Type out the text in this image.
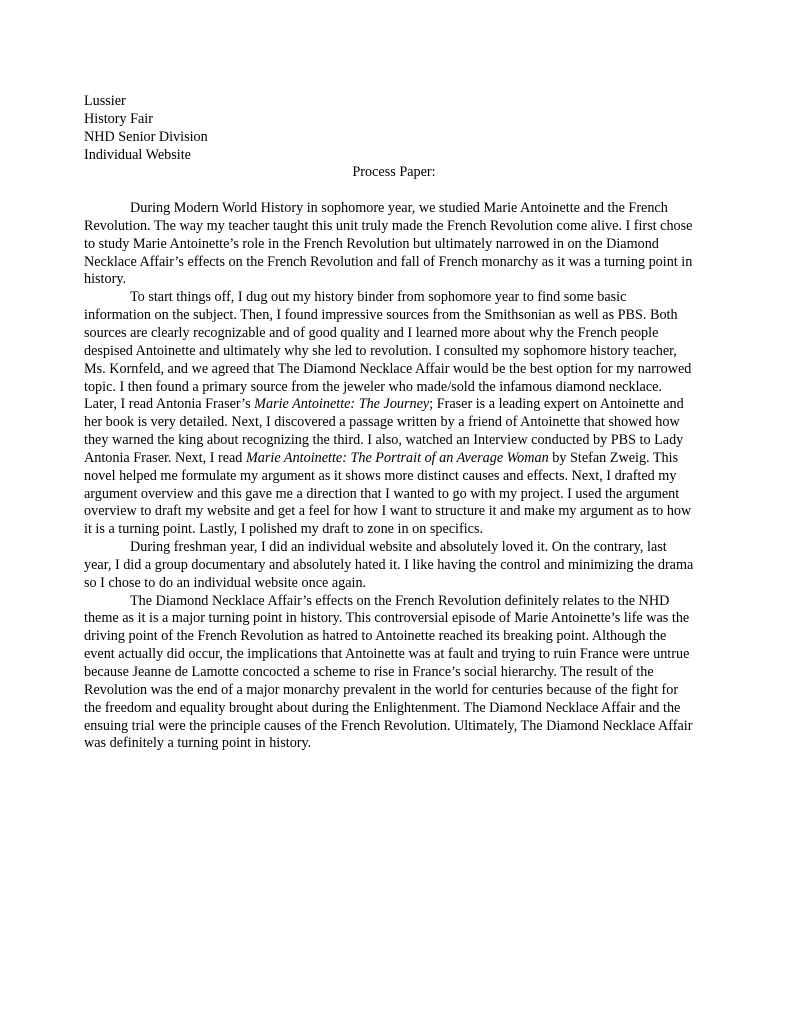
Lussier
History Fair
NHD Senior Division
Individual Website
Process Paper:

During Modern World History in sophomore year, we studied Marie Antoinette and the French Revolution. The way my teacher taught this unit truly made the French Revolution come alive. I first chose to study Marie Antoinette’s role in the French Revolution but ultimately narrowed in on the Diamond Necklace Affair’s effects on the French Revolution and fall of French monarchy as it was a turning point in history.

To start things off, I dug out my history binder from sophomore year to find some basic information on the subject. Then, I found impressive sources from the Smithsonian as well as PBS. Both sources are clearly recognizable and of good quality and I learned more about why the French people despised Antoinette and ultimately why she led to revolution. I consulted my sophomore history teacher, Ms. Kornfeld, and we agreed that The Diamond Necklace Affair would be the best option for my narrowed topic. I then found a primary source from the jeweler who made/sold the infamous diamond necklace. Later, I read Antonia Fraser’s Marie Antoinette: The Journey; Fraser is a leading expert on Antoinette and her book is very detailed. Next, I discovered a passage written by a friend of Antoinette that showed how they warned the king about recognizing the third. I also, watched an Interview conducted by PBS to Lady Antonia Fraser. Next, I read Marie Antoinette: The Portrait of an Average Woman by Stefan Zweig. This novel helped me formulate my argument as it shows more distinct causes and effects. Next, I drafted my argument overview and this gave me a direction that I wanted to go with my project. I used the argument overview to draft my website and get a feel for how I want to structure it and make my argument as to how it is a turning point. Lastly, I polished my draft to zone in on specifics.

During freshman year, I did an individual website and absolutely loved it. On the contrary, last year, I did a group documentary and absolutely hated it. I like having the control and minimizing the drama so I chose to do an individual website once again.

The Diamond Necklace Affair’s effects on the French Revolution definitely relates to the NHD theme as it is a major turning point in history. This controversial episode of Marie Antoinette’s life was the driving point of the French Revolution as hatred to Antoinette reached its breaking point. Although the event actually did occur, the implications that Antoinette was at fault and trying to ruin France were untrue because Jeanne de Lamotte concocted a scheme to rise in France’s social hierarchy. The result of the Revolution was the end of a major monarchy prevalent in the world for centuries because of the fight for the freedom and equality brought about during the Enlightenment. The Diamond Necklace Affair and the ensuing trial were the principle causes of the French Revolution. Ultimately, The Diamond Necklace Affair was definitely a turning point in history.
